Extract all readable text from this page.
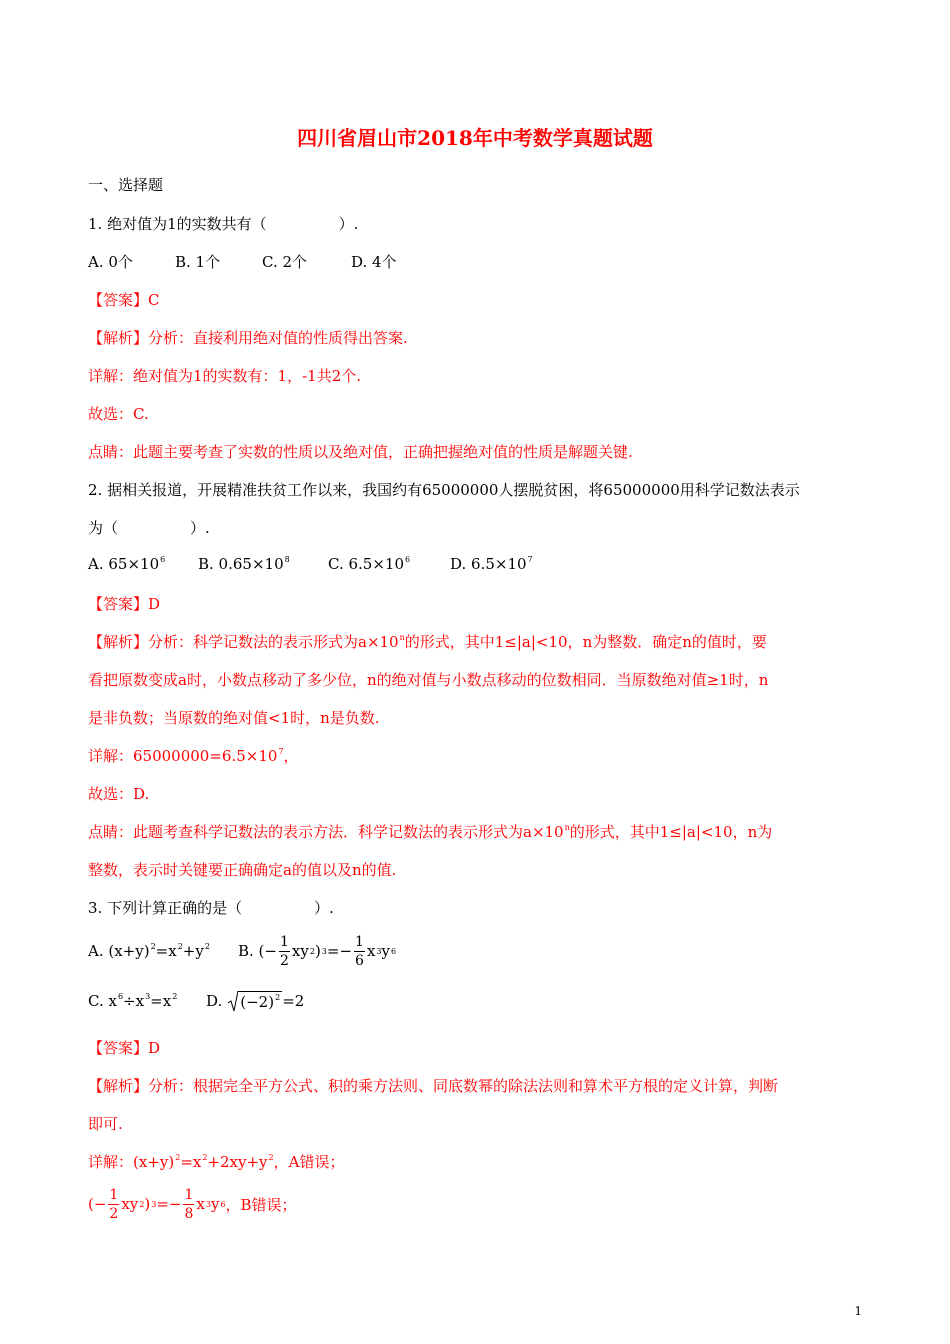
四川省眉山市2018年中考数学真题试题
一、选择题
1. 绝对值为1的实数共有（	）.
A. 0个	B. 1个	C. 2个	D. 4个
【答案】C
【解析】分析：直接利用绝对值的性质得出答案.
详解：绝对值为1的实数有：1，-1共2个.
故选：C.
点睛：此题主要考查了实数的性质以及绝对值，正确把握绝对值的性质是解题关键.
2. 据相关报道，开展精准扶贫工作以来，我国约有65000000人摆脱贫困，将65000000用科学记数法表示
为（	）.
A. $65\times 10^6$ B. $0.65\times 10^8$	C. $6.5\times 10^6$	D. $6.5\times 10^7$
【答案】D
【解析】分析：科学记数法的表示形式为$a\times 10^n$的形式，其中1≤|a|<10，n为整数．确定n的值时，要
看把原数变成a时，小数点移动了多少位，n的绝对值与小数点移动的位数相同．当原数绝对值≥1时，n
是非负数；当原数的绝对值<1时，n是负数.
详解：$65000000=6.5\times 10^7$，
故选：D.
点睛：此题考查科学记数法的表示方法．科学记数法的表示形式为$a\times 10^n$的形式，其中1≤|a|<10，n为
整数，表示时关键要正确确定a的值以及n的值.
3. 下列计算正确的是（	）.
A. $(x+y)^2=x^2+y^2$	B. (− $\frac{1}{2}$ xy 2 ) $3 =- \frac{1}{6}$ x 3 y 6
C. $x^6\div x^3=x^2$	D. $(-2)^2 =2$
【答案】D
【解析】分析：根据完全平方公式、积的乘方法则、同底数幂的除法法则和算术平方根的定义计算，判断
即可.
详解：$(x+y)^2=x^2+2xy+y^2$，A错误；
(− $\frac{1}{2}$ xy 2 ) $3 =- \frac{1}{8}$ x 3 y 6 ，B错误；
1
